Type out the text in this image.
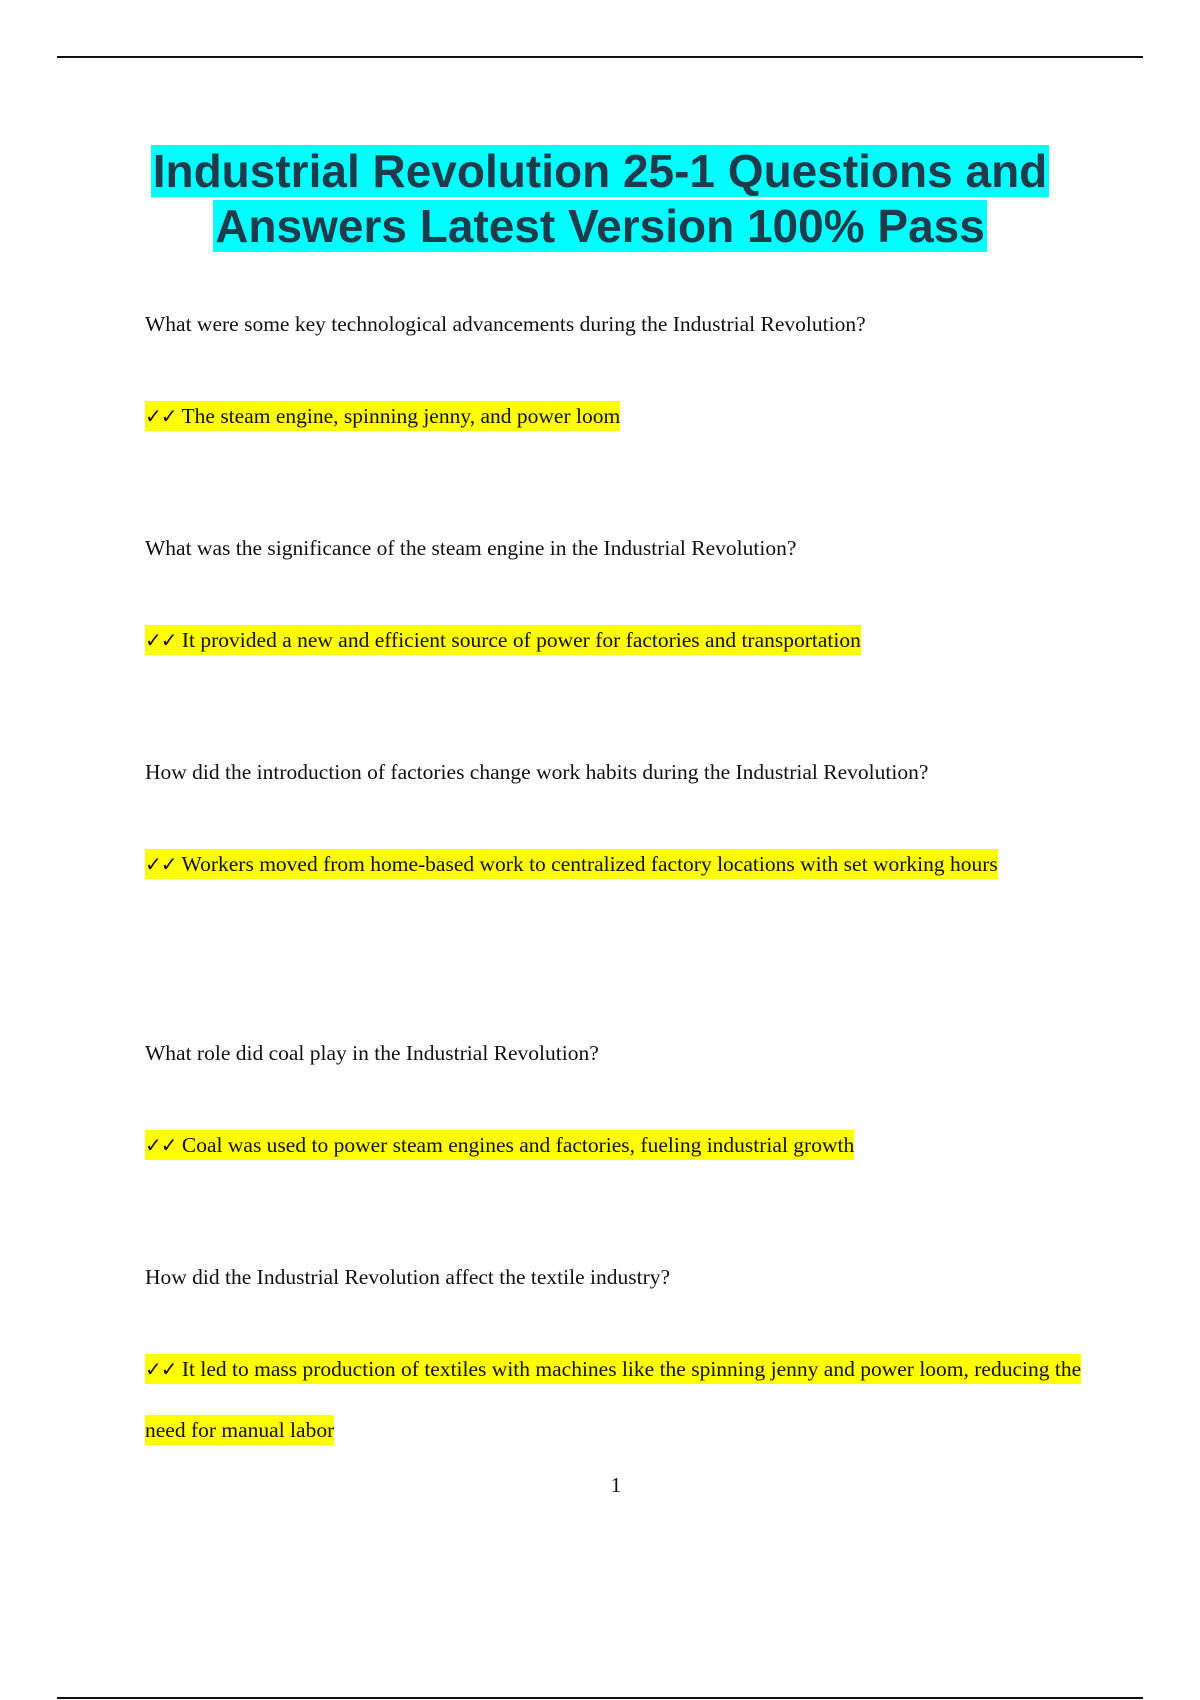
Industrial Revolution 25-1 Questions and Answers Latest Version 100% Pass

What were some key technological advancements during the Industrial Revolution?

✓✓ The steam engine, spinning jenny, and power loom

What was the significance of the steam engine in the Industrial Revolution?

✓✓ It provided a new and efficient source of power for factories and transportation

How did the introduction of factories change work habits during the Industrial Revolution?

✓✓ Workers moved from home-based work to centralized factory locations with set working hours

What role did coal play in the Industrial Revolution?

✓✓ Coal was used to power steam engines and factories, fueling industrial growth

How did the Industrial Revolution affect the textile industry?

✓✓ It led to mass production of textiles with machines like the spinning jenny and power loom, reducing the need for manual labor

1
